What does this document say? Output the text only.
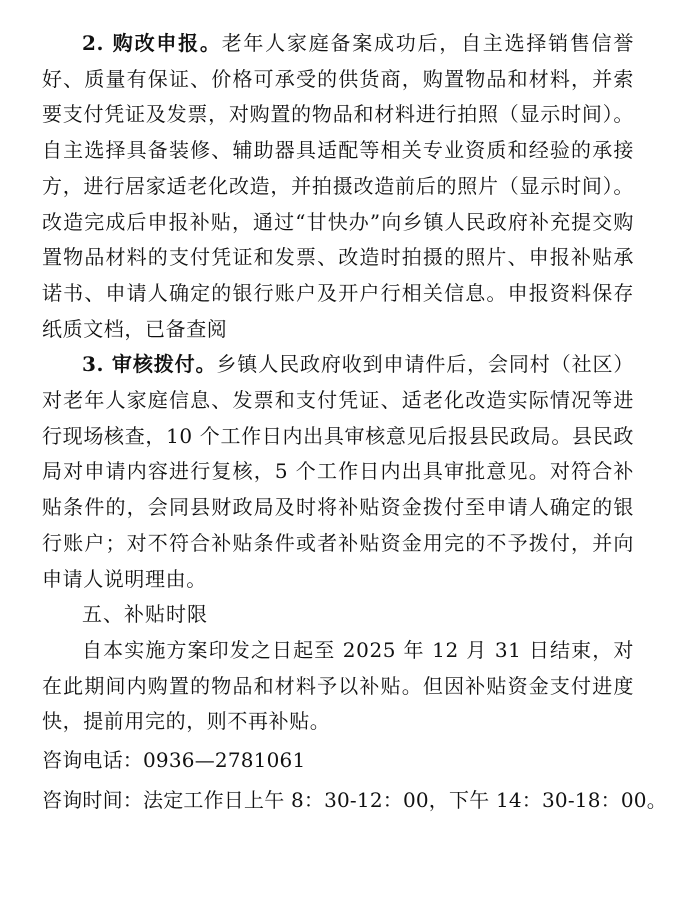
2. 购改申报。老年人家庭备案成功后，自主选择销售信誉好、质量有保证、价格可承受的供货商，购置物品和材料，并索要支付凭证及发票，对购置的物品和材料进行拍照（显示时间）。自主选择具备装修、辅助器具适配等相关专业资质和经验的承接方，进行居家适老化改造，并拍摄改造前后的照片（显示时间）。改造完成后申报补贴，通过“甘快办”向乡镇人民政府补充提交购置物品材料的支付凭证和发票、改造时拍摄的照片、申报补贴承诺书、申请人确定的银行账户及开户行相关信息。申报资料保存纸质文档，已备查阅

3. 审核拨付。乡镇人民政府收到申请件后，会同村（社区）对老年人家庭信息、发票和支付凭证、适老化改造实际情况等进行现场核查，10 个工作日内出具审核意见后报县民政局。县民政局对申请内容进行复核，5 个工作日内出具审批意见。对符合补贴条件的，会同县财政局及时将补贴资金拨付至申请人确定的银行账户；对不符合补贴条件或者补贴资金用完的不予拨付，并向申请人说明理由。

五、补贴时限

自本实施方案印发之日起至 2025 年 12 月 31 日结束，对在此期间内购置的物品和材料予以补贴。但因补贴资金支付进度快，提前用完的，则不再补贴。

咨询电话：0936—2781061

咨询时间：法定工作日上午 8：30-12：00，下午 14：30-18：00。
